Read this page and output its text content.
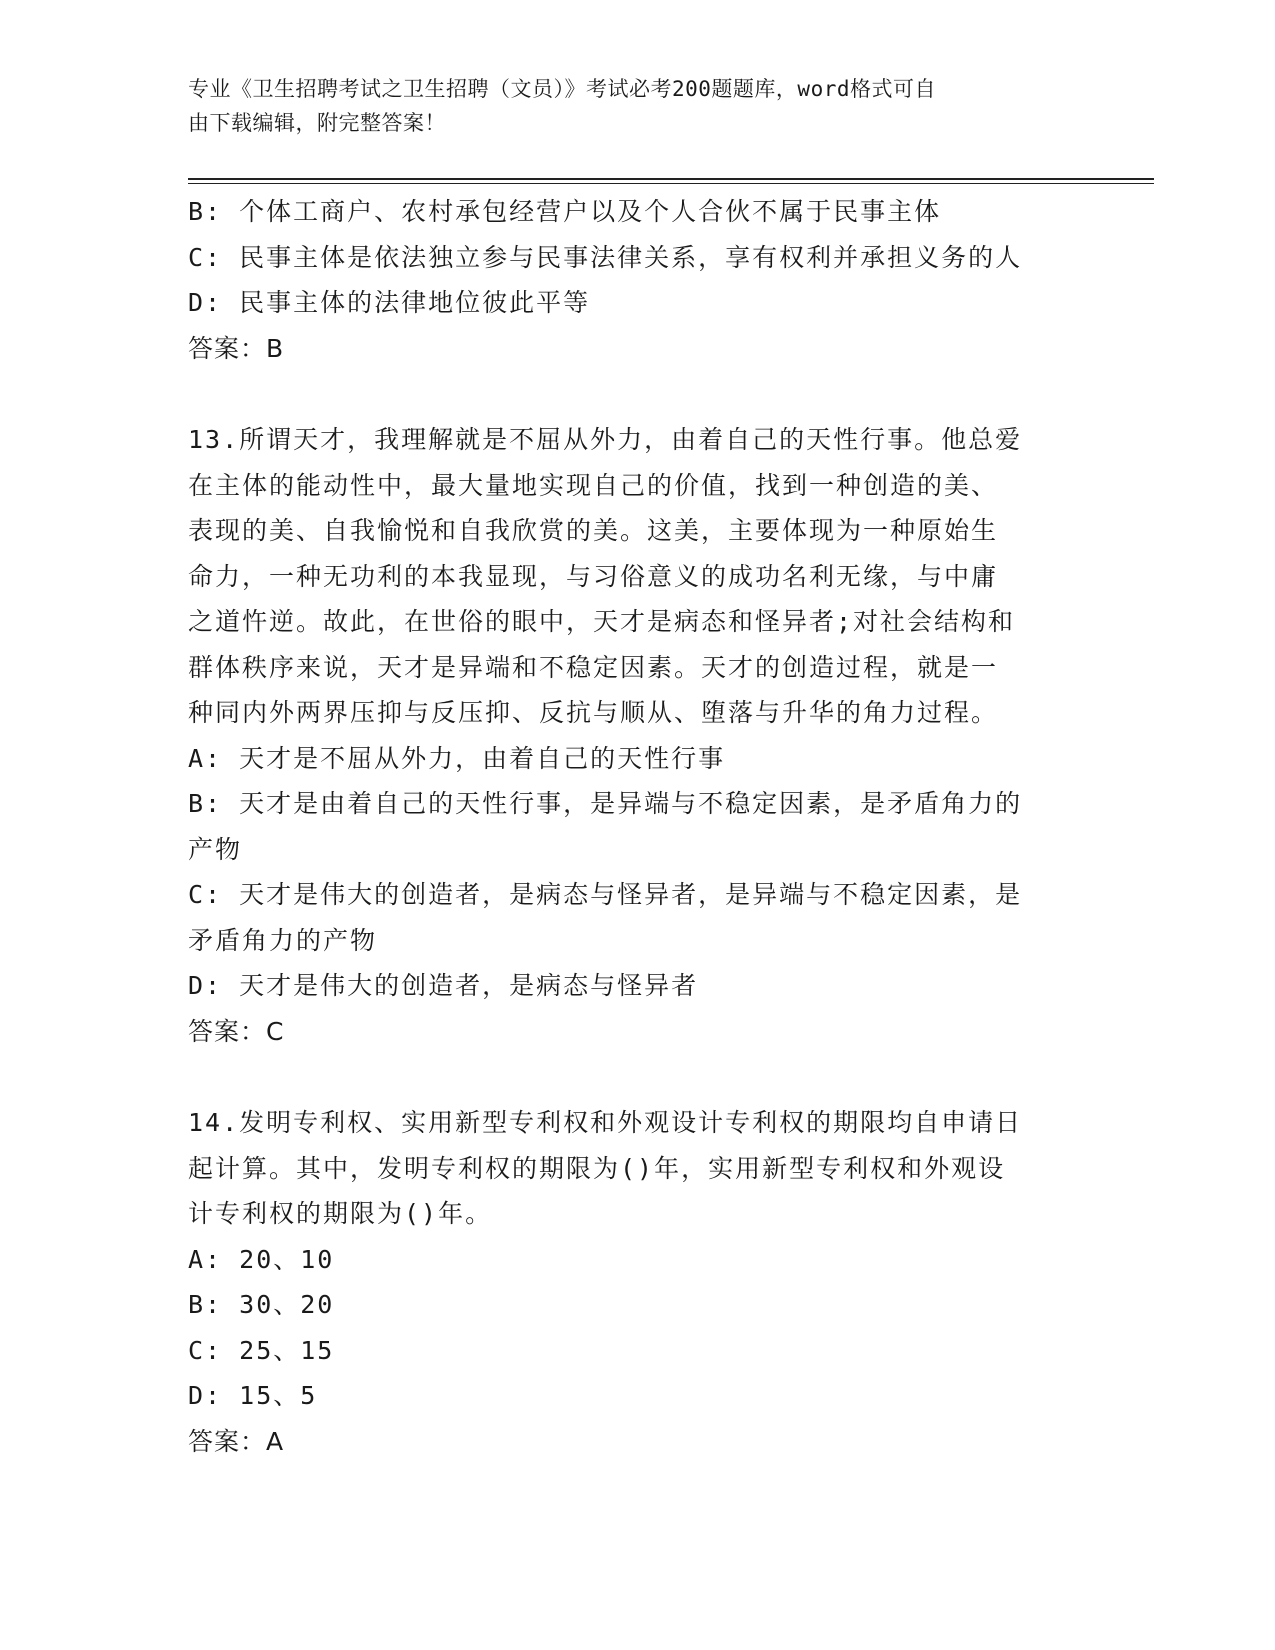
专业《卫生招聘考试之卫生招聘（文员）》考试必考200题题库，word格式可自
由下载编辑，附完整答案！
B: 个体工商户、农村承包经营户以及个人合伙不属于民事主体
C: 民事主体是依法独立参与民事法律关系，享有权利并承担义务的人
D: 民事主体的法律地位彼此平等
答案：B
13.所谓天才，我理解就是不屈从外力，由着自己的天性行事。他总爱
在主体的能动性中，最大量地实现自己的价值，找到一种创造的美、
表现的美、自我愉悦和自我欣赏的美。这美，主要体现为一种原始生
命力，一种无功利的本我显现，与习俗意义的成功名利无缘，与中庸
之道忤逆。故此，在世俗的眼中，天才是病态和怪异者;对社会结构和
群体秩序来说，天才是异端和不稳定因素。天才的创造过程，就是一
种同内外两界压抑与反压抑、反抗与顺从、堕落与升华的角力过程。
A: 天才是不屈从外力，由着自己的天性行事
B: 天才是由着自己的天性行事，是异端与不稳定因素，是矛盾角力的
产物
C: 天才是伟大的创造者，是病态与怪异者，是异端与不稳定因素，是
矛盾角力的产物
D: 天才是伟大的创造者，是病态与怪异者
答案：C
14.发明专利权、实用新型专利权和外观设计专利权的期限均自申请日
起计算。其中，发明专利权的期限为()年，实用新型专利权和外观设
计专利权的期限为()年。
A: 20、10
B: 30、20
C: 25、15
D: 15、5
答案：A
